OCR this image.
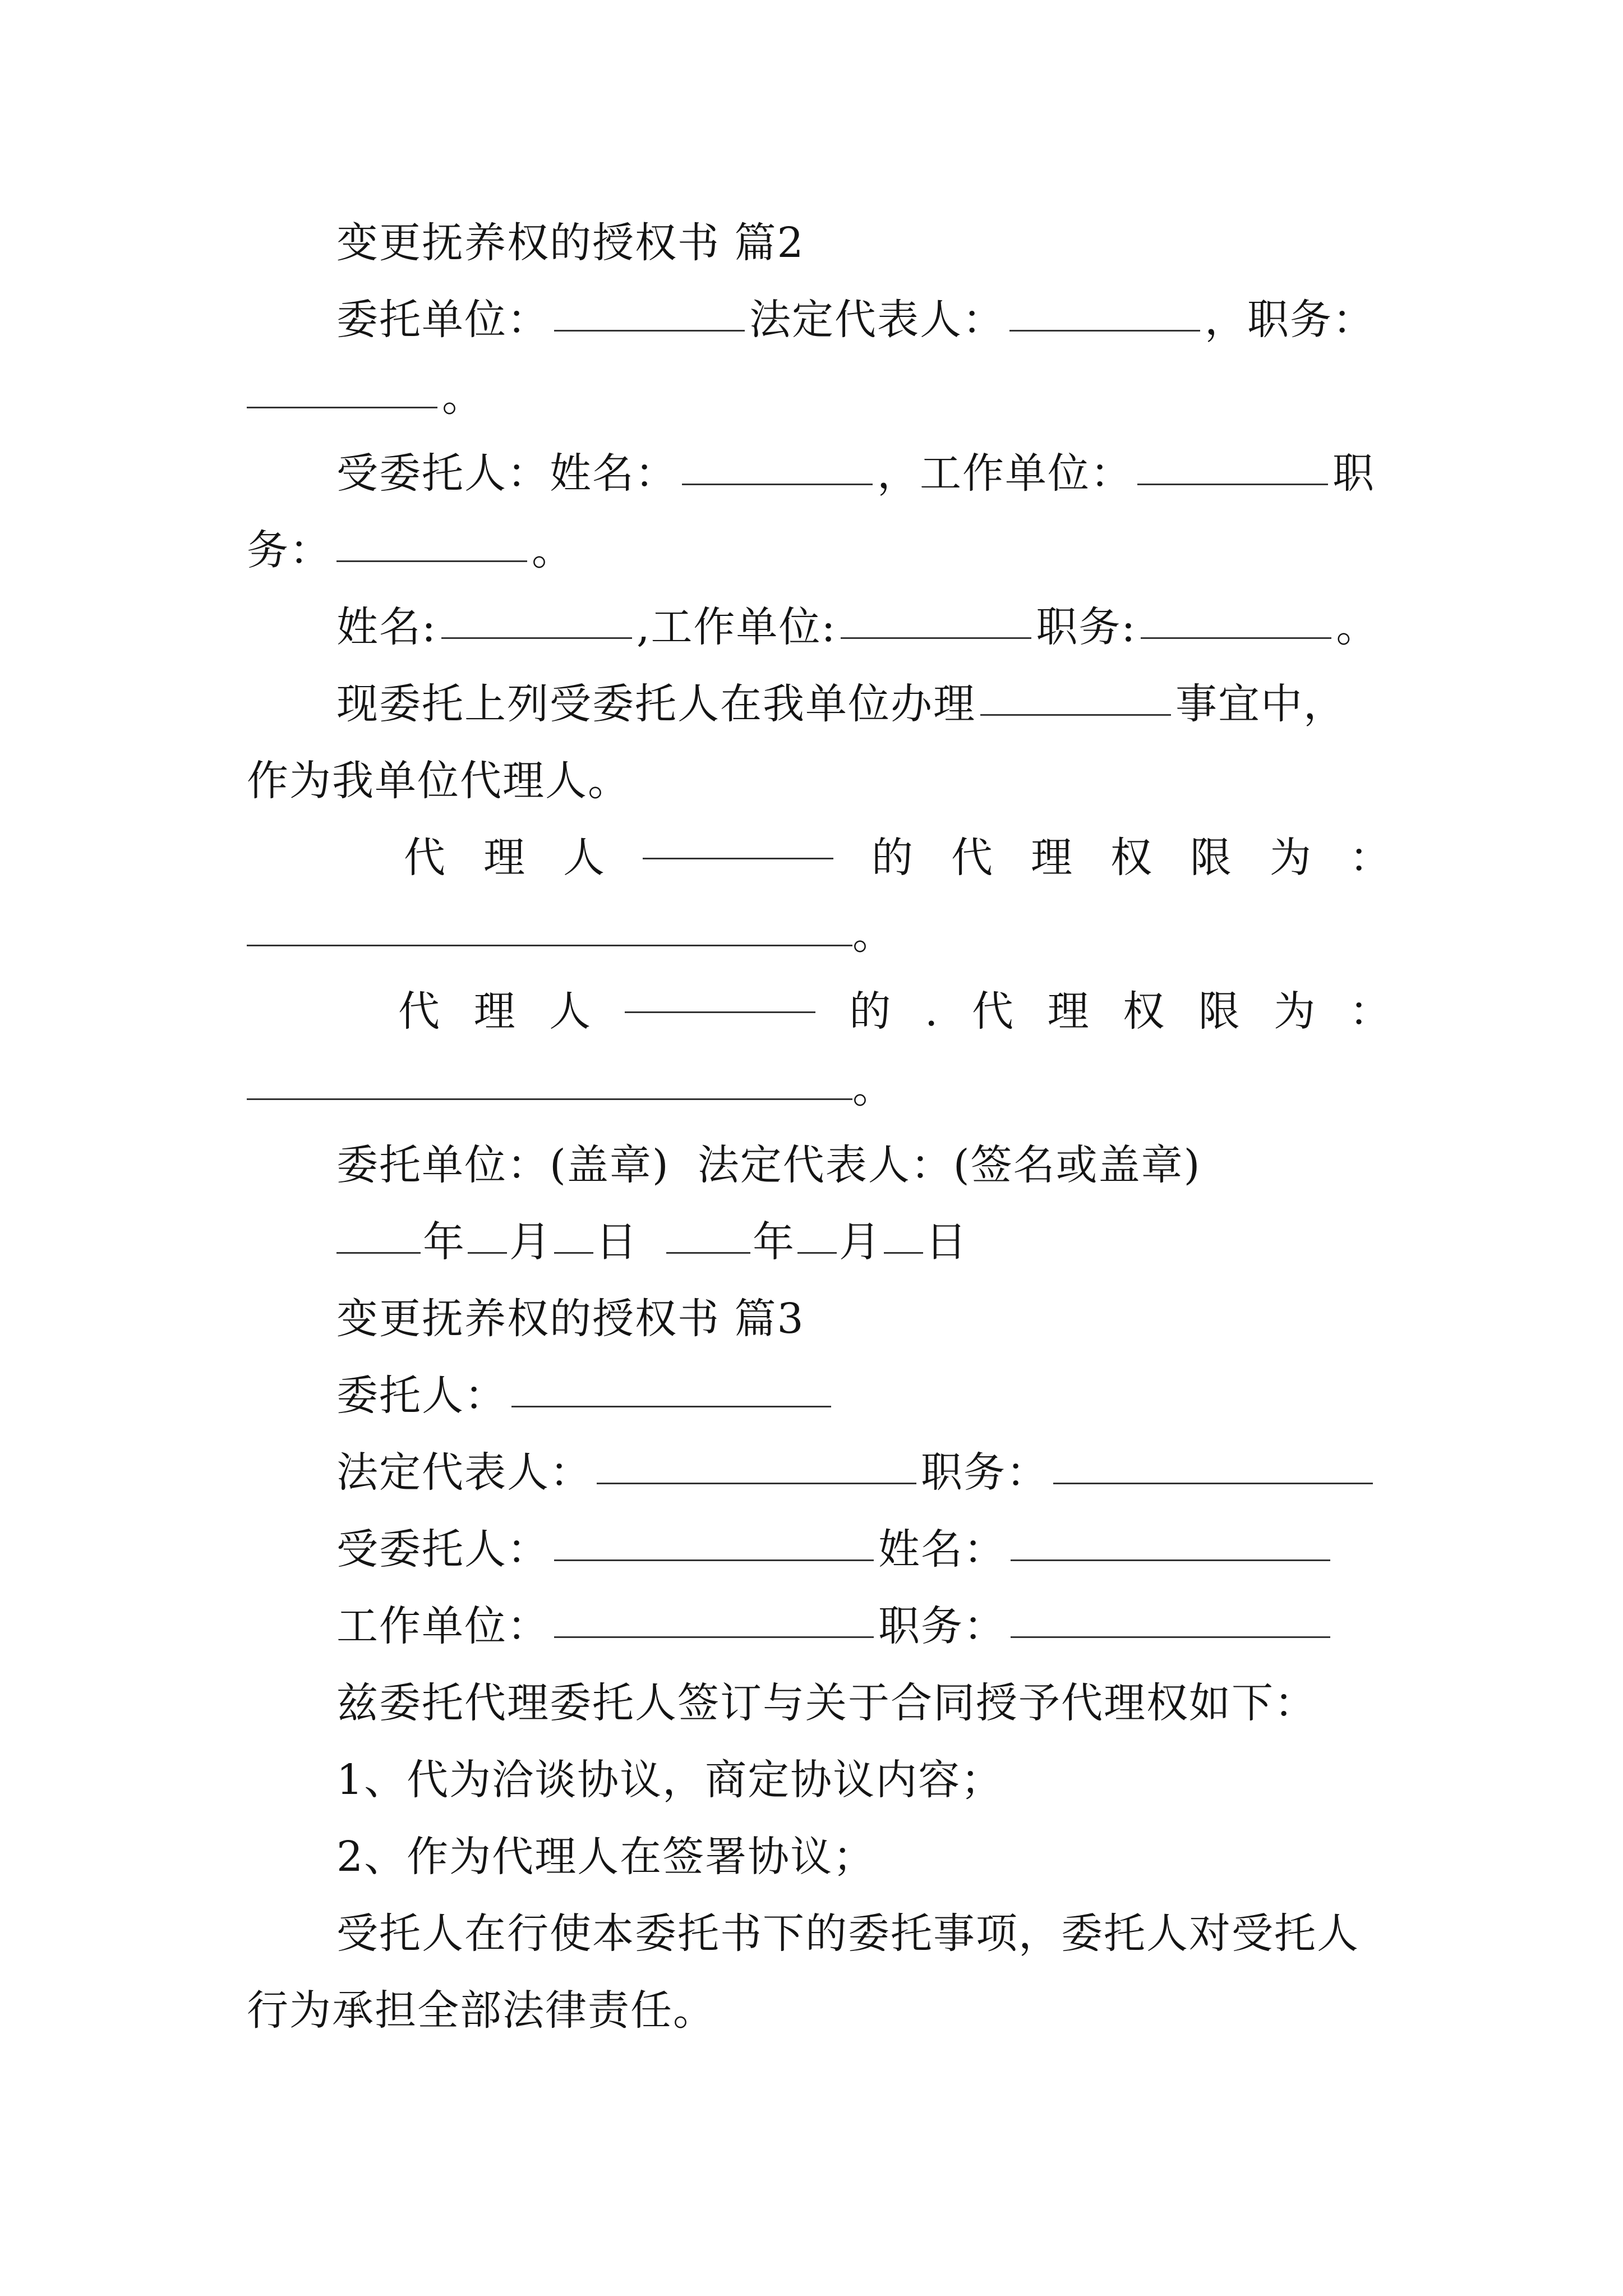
变更抚养权的授权书 篇2
委托单位：	法定代表人：	，职务：
。
受委托人：姓名：	，工作单位：	职
务：	。
姓名:	,工作单位:	职务:	。
现委托上列受委托人在我单位办理	事宜中，
作为我单位代理人。
代 理 人	的 代 理 权 限 为 ：
。
代 理 人	的 . 代 理 权 限 为 ：
。
委托单位：(盖章) 法定代表人：(签名或盖章)
年 月 日	年 月 日
变更抚养权的授权书 篇3
委托人：
法定代表人：	职务：
受委托人：	姓名：
工作单位：	职务：
兹委托代理委托人签订与关于合同授予代理权如下：
1、代为洽谈协议，商定协议内容；
2、作为代理人在签署协议；
受托人在行使本委托书下的委托事项，委托人对受托人
行为承担全部法律责任。
